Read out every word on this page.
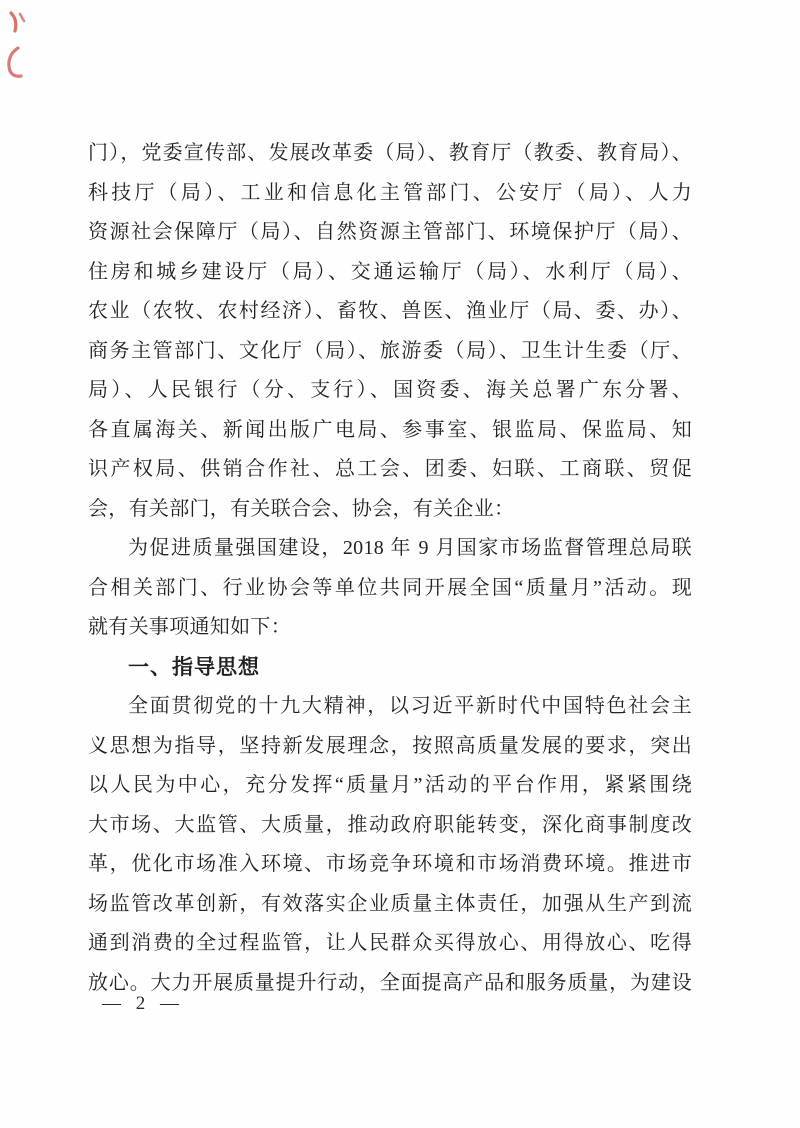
门），党委宣传部、发展改革委（局）、教育厅（教委、教育局）、
科技厅（局）、工业和信息化主管部门、公安厅（局）、人力
资源社会保障厅（局）、自然资源主管部门、环境保护厅（局）、
住房和城乡建设厅（局）、交通运输厅（局）、水利厅（局）、
农业（农牧、农村经济）、畜牧、兽医、渔业厅（局、委、办）、
商务主管部门、文化厅（局）、旅游委（局）、卫生计生委（厅、
局）、人民银行（分、支行）、国资委、海关总署广东分署、
各直属海关、新闻出版广电局、参事室、银监局、保监局、知
识产权局、供销合作社、总工会、团委、妇联、工商联、贸促
会，有关部门，有关联合会、协会，有关企业：
为促进质量强国建设，2018 年 9 月国家市场监督管理总局联
合相关部门、行业协会等单位共同开展全国“质量月”活动。现
就有关事项通知如下：
一、指导思想
全面贯彻党的十九大精神，以习近平新时代中国特色社会主
义思想为指导，坚持新发展理念，按照高质量发展的要求，突出
以人民为中心，充分发挥“质量月”活动的平台作用，紧紧围绕
大市场、大监管、大质量，推动政府职能转变，深化商事制度改
革，优化市场准入环境、市场竞争环境和市场消费环境。推进市
场监管改革创新，有效落实企业质量主体责任，加强从生产到流
通到消费的全过程监管，让人民群众买得放心、用得放心、吃得
放心。大力开展质量提升行动，全面提高产品和服务质量，为建设
— 2 —
